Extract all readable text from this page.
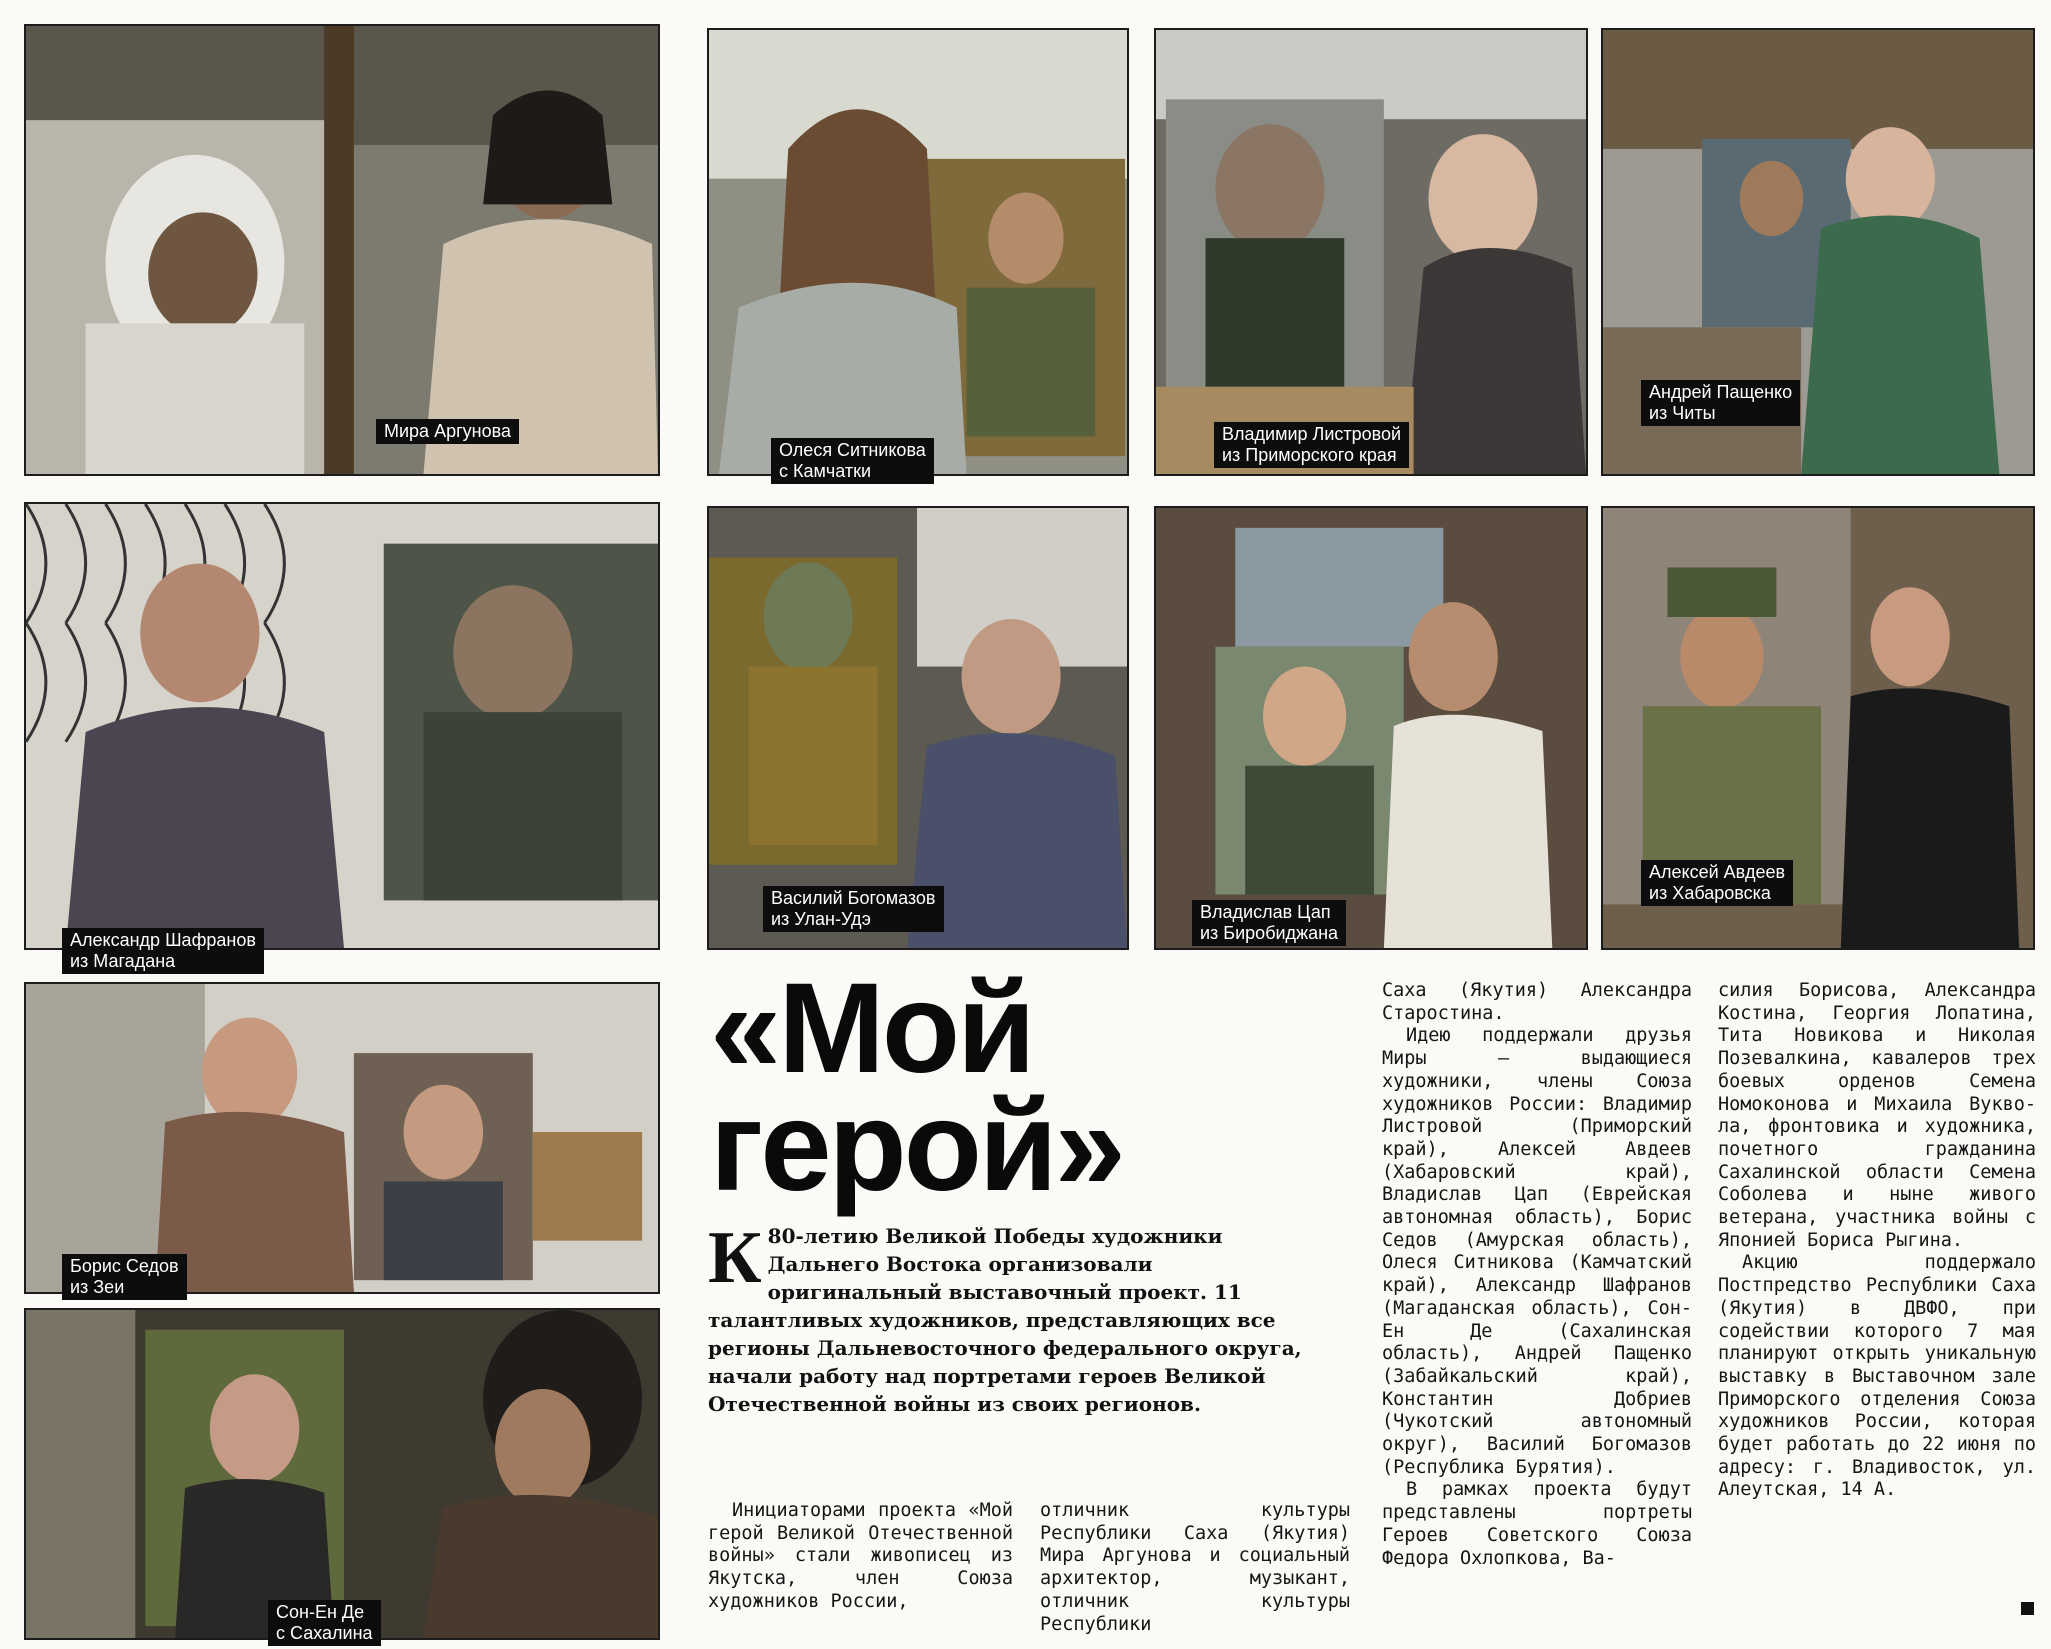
Мира Аргунова
Олеся Ситникова
с Камчатки
Владимир Листровой
из Приморского края
Андрей Пащенко
из Читы
Александр Шафранов
из Магадана
Василий Богомазов
из Улан-Удэ	Владислав Цап
из Биробиджана
Алексей Авдеев
из Хабаровска
Борис Седов
из Зеи
Сон-Ен Де
с Сахалина
«Мой
герой»
К 80-летию Великой Победы художники Дальнего Востока организовали оригинальный выставочный проект. 11 талантливых художников, представляющих все регионы Дальневосточного федерального округа, начали работу над портретами героев Великой Отечественной войны из своих регионов.

Инициаторами проекта «Мой герой Великой Отечественной войны» стали живописец из Якутска, член Союза художников России,

отличник культуры Республики Саха (Якутия) Мира Аргунова и социальный архитектор, музыкант, отличник культуры Республики

Саха (Якутия) Александра Старостина.

Идею поддержали друзья Миры — выдающиеся художники, члены Союза художников России: Владимир Листровой (Приморский край), Алексей Авдеев (Хабаровский край), Владислав Цап (Еврейская автономная область), Борис Седов (Амурская область), Олеся Ситникова (Камчатский край), Александр Шафранов (Магаданская область), Сон-Ен Де (Сахалинская область), Андрей Пащенко (Забайкальский край), Константин Добриев (Чукотский автономный округ), Василий Богомазов (Республика Бурятия).

В рамках проекта будут представлены портреты Героев Советского Союза Федора Охлопкова, Ва-

силия Борисова, Александра Костина, Георгия Лопатина, Тита Новикова и Николая Позевалкина, кавалеров трех боевых орденов Семена Номоконова и Михаила Вуквола, фронтовика и художника, почетного гражданина Сахалинской области Семена Соболева и ныне живого ветерана, участника войны с Японией Бориса Рыгина.

Акцию поддержало Постпредство Республики Саха (Якутия) в ДВФО, при содействии которого 7 мая планируют открыть уникальную выставку в Выставочном зале Приморского отделения Союза художников России, которая будет работать до 22 июня по адресу: г. Владивосток, ул. Алеутская, 14 А.
